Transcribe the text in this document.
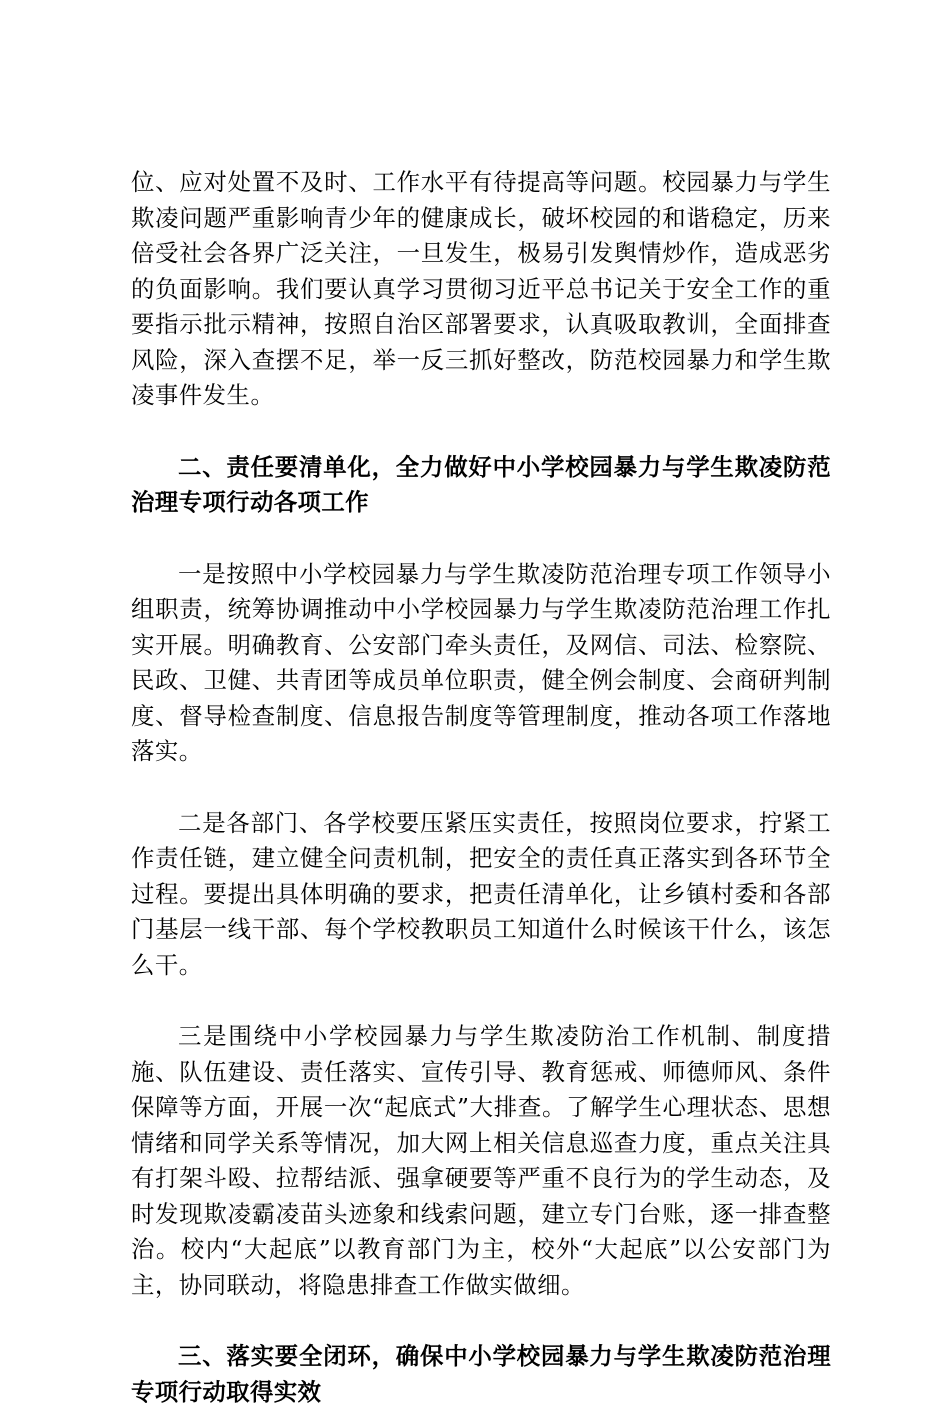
位、应对处置不及时、工作水平有待提高等问题。校园暴力与学生欺凌问题严重影响青少年的健康成长，破坏校园的和谐稳定，历来倍受社会各界广泛关注，一旦发生，极易引发舆情炒作，造成恶劣的负面影响。我们要认真学习贯彻习近平总书记关于安全工作的重要指示批示精神，按照自治区部署要求，认真吸取教训，全面排查风险，深入查摆不足，举一反三抓好整改，防范校园暴力和学生欺凌事件发生。

二、责任要清单化，全力做好中小学校园暴力与学生欺凌防范治理专项行动各项工作

一是按照中小学校园暴力与学生欺凌防范治理专项工作领导小组职责，统筹协调推动中小学校园暴力与学生欺凌防范治理工作扎实开展。明确教育、公安部门牵头责任，及网信、司法、检察院、民政、卫健、共青团等成员单位职责，健全例会制度、会商研判制度、督导检查制度、信息报告制度等管理制度，推动各项工作落地落实。

二是各部门、各学校要压紧压实责任，按照岗位要求，拧紧工作责任链，建立健全问责机制，把安全的责任真正落实到各环节全过程。要提出具体明确的要求，把责任清单化，让乡镇村委和各部门基层一线干部、每个学校教职员工知道什么时候该干什么，该怎么干。

三是围绕中小学校园暴力与学生欺凌防治工作机制、制度措施、队伍建设、责任落实、宣传引导、教育惩戒、师德师风、条件保障等方面，开展一次“起底式”大排查。了解学生心理状态、思想情绪和同学关系等情况，加大网上相关信息巡查力度，重点关注具有打架斗殴、拉帮结派、强拿硬要等严重不良行为的学生动态，及时发现欺凌霸凌苗头迹象和线索问题，建立专门台账，逐一排查整治。校内“大起底”以教育部门为主，校外“大起底”以公安部门为主，协同联动，将隐患排查工作做实做细。

三、落实要全闭环，确保中小学校园暴力与学生欺凌防范治理专项行动取得实效
